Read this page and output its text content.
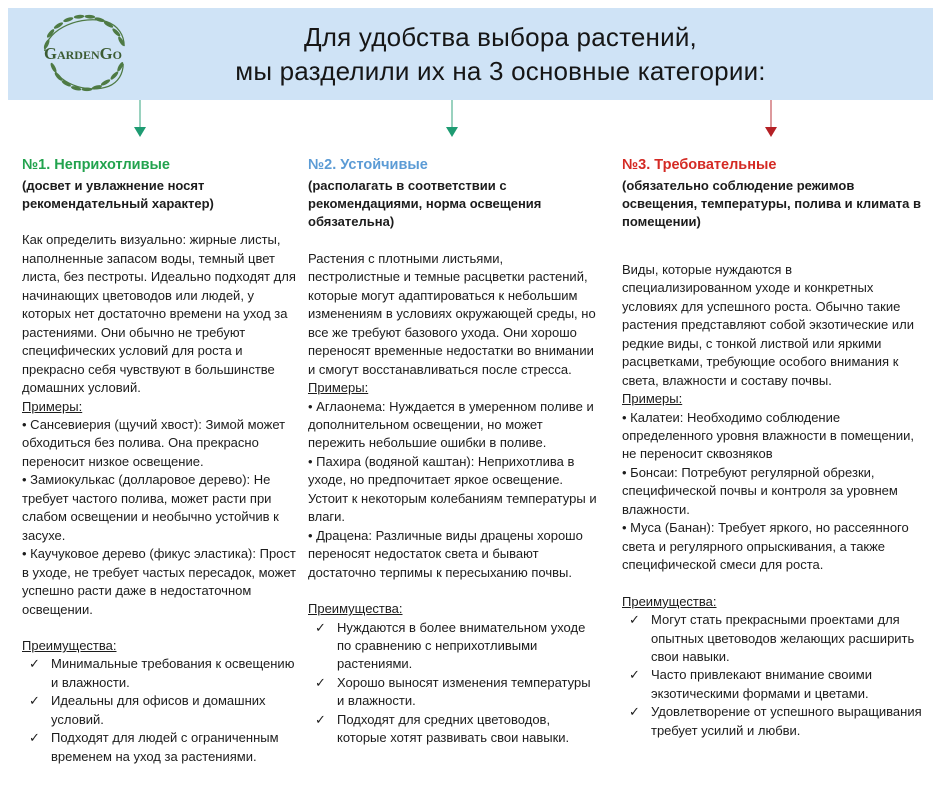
GardenGo
Для удобства выбора растений,
мы разделили их на 3 основные категории:
№1. Неприхотливые
(досвет и увлажнение носят рекомендательный характер)
Как определить визуально: жирные листы, наполненные запасом воды, темный цвет листа, без пестроты. Идеально подходят для начинающих цветоводов или людей, у которых нет достаточно времени на уход за растениями. Они обычно не требуют специфических условий для роста и прекрасно себя чувствуют в большинстве домашних условий.
Примеры:
• Сансевиерия (щучий хвост): Зимой может обходиться без полива. Она прекрасно переносит низкое освещение.
• Замиокулькас (долларовое дерево): Не требует частого полива, может расти при слабом освещении и необычно устойчив к засухе.
• Каучуковое дерево (фикус эластика): Прост в уходе, не требует частых пересадок, может успешно расти даже в недостаточном освещении.
Преимущества:
✓ Минимальные требования к освещению и влажности.
✓ Идеальны для офисов и домашних условий.
✓ Подходят для людей с ограниченным временем на уход за растениями.
№2. Устойчивые
(располагать в соответствии с рекомендациями, норма освещения обязательна)
Растения с плотными листьями, пестролистные и темные расцветки растений, которые могут адаптироваться к небольшим изменениям в условиях окружающей среды, но все же требуют базового ухода. Они хорошо переносят временные недостатки во внимании и смогут восстанавливаться после стресса.
Примеры:
• Аглаонема: Нуждается в умеренном поливе и дополнительном освещении, но может пережить небольшие ошибки в поливе.
• Пахира (водяной каштан): Неприхотлива в уходе, но предпочитает яркое освещение. Устоит к некоторым колебаниям температуры и влаги.
• Драцена: Различные виды драцены хорошо переносят недостаток света и бывают достаточно терпимы к пересыханию почвы.
Преимущества:
✓ Нуждаются в более внимательном уходе по сравнению с неприхотливыми растениями.
✓ Хорошо выносят изменения температуры и влажности.
✓ Подходят для средних цветоводов, которые хотят развивать свои навыки.
№3. Требовательные
(обязательно соблюдение режимов освещения, температуры, полива и климата в помещении)
Виды, которые нуждаются в специализированном уходе и конкретных условиях для успешного роста. Обычно такие растения представляют собой экзотические или редкие виды, с тонкой листвой или яркими расцветками, требующие особого внимания к света, влажности и составу почвы.
Примеры:
• Калатеи: Необходимо соблюдение определенного уровня влажности в помещении, не переносит сквозняков
• Бонсаи: Потребуют регулярной обрезки, специфической почвы и контроля за уровнем влажности.
• Муса (Банан): Требует яркого, но рассеянного света и регулярного опрыскивания, а также специфической смеси для роста.
Преимущества:
✓ Могут стать прекрасными проектами для опытных цветоводов желающих расширить свои навыки.
✓ Часто привлекают внимание своими экзотическими формами и цветами.
✓ Удовлетворение от успешного выращивания требует усилий и любви.
